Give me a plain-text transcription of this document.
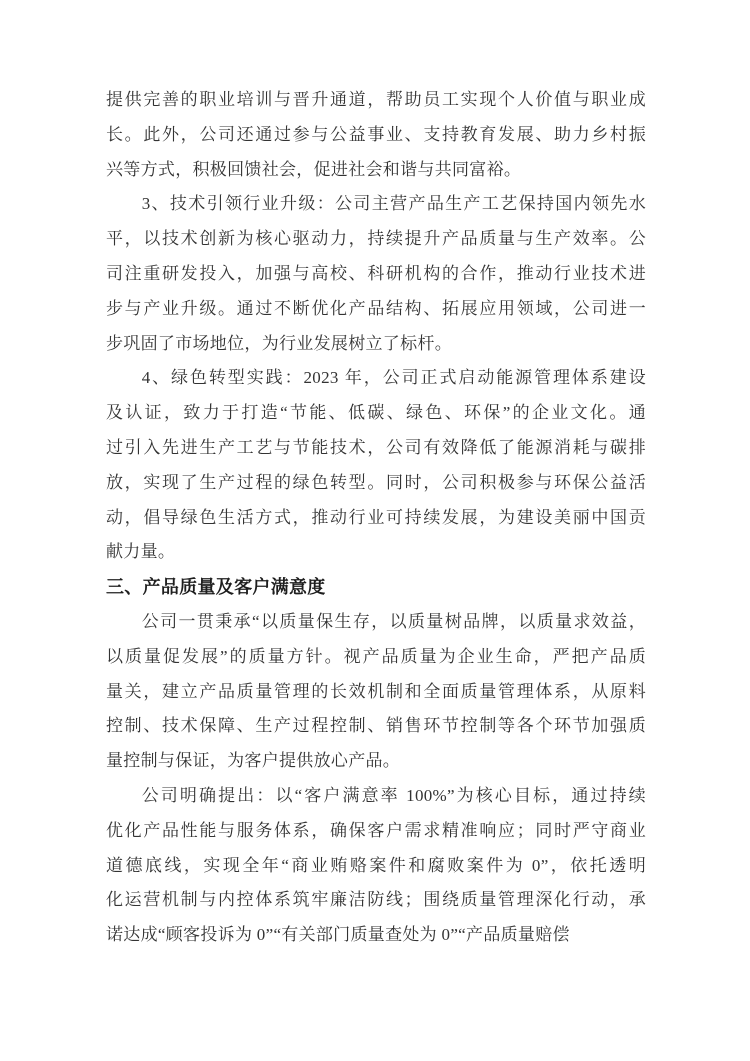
提供完善的职业培训与晋升通道，帮助员工实现个人价值与职业成
长。此外，公司还通过参与公益事业、支持教育发展、助力乡村振
兴等方式，积极回馈社会，促进社会和谐与共同富裕。
3、技术引领行业升级：公司主营产品生产工艺保持国内领先水
平，以技术创新为核心驱动力，持续提升产品质量与生产效率。公
司注重研发投入，加强与高校、科研机构的合作，推动行业技术进
步与产业升级。通过不断优化产品结构、拓展应用领域，公司进一
步巩固了市场地位，为行业发展树立了标杆。
4、绿色转型实践：2023 年，公司正式启动能源管理体系建设
及认证，致力于打造“节能、低碳、绿色、环保”的企业文化。通
过引入先进生产工艺与节能技术，公司有效降低了能源消耗与碳排
放，实现了生产过程的绿色转型。同时，公司积极参与环保公益活
动，倡导绿色生活方式，推动行业可持续发展，为建设美丽中国贡
献力量。
三、产品质量及客户满意度
公司一贯秉承“以质量保生存，以质量树品牌，以质量求效益，
以质量促发展”的质量方针。视产品质量为企业生命，严把产品质
量关，建立产品质量管理的长效机制和全面质量管理体系，从原料
控制、技术保障、生产过程控制、销售环节控制等各个环节加强质
量控制与保证，为客户提供放心产品。
公司明确提出：以“客户满意率 100%”为核心目标，通过持续
优化产品性能与服务体系，确保客户需求精准响应；同时严守商业
道德底线，实现全年“商业贿赂案件和腐败案件为 0”，依托透明
化运营机制与内控体系筑牢廉洁防线；围绕质量管理深化行动，承
诺达成“顾客投诉为 0”“有关部门质量查处为 0”“产品质量赔偿
